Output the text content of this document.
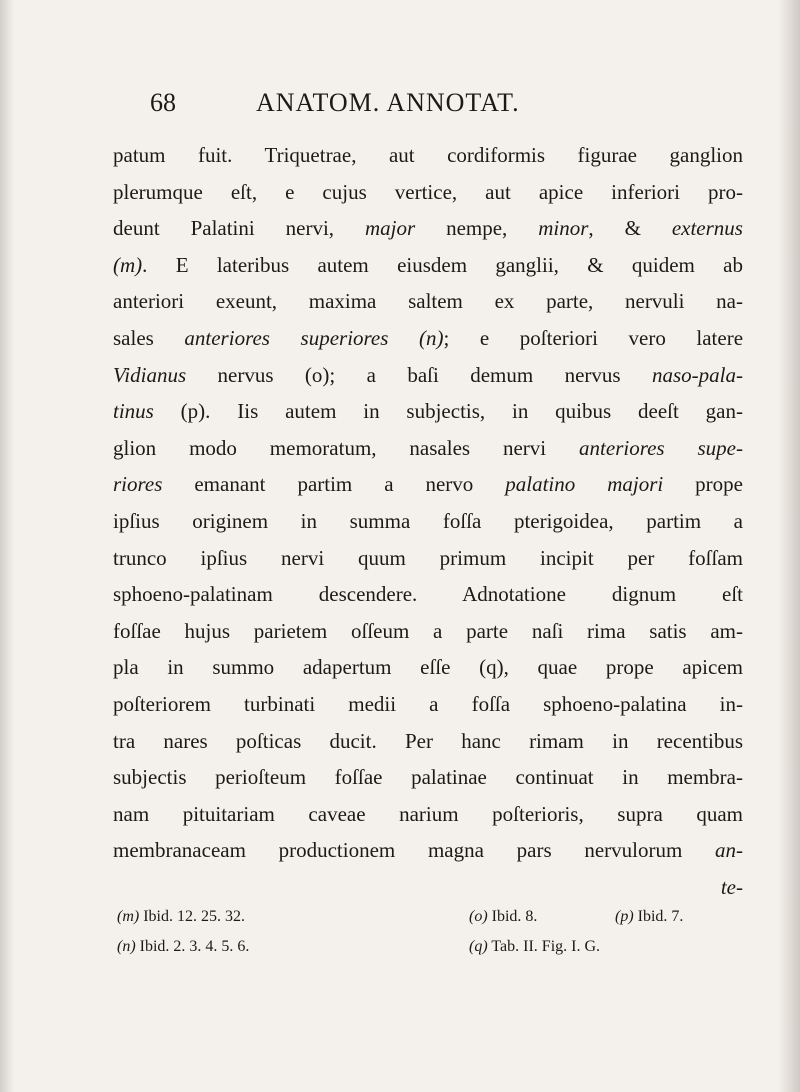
68	ANATOM. ANNOTAT.
patum fuit. Triquetrae, aut cordiformis figurae ganglion
plerumque eſt, e cujus vertice, aut apice inferiori pro-
deunt Palatini nervi, major nempe, minor, & externus
(m). E lateribus autem eiusdem ganglii, & quidem ab
anteriori exeunt, maxima saltem ex parte, nervuli na-
sales anteriores superiores (n); e poſteriori vero latere
Vidianus nervus (o); a baſi demum nervus naso-pala-
tinus (p). Iis autem in subjectis, in quibus deeſt gan-
glion modo memoratum, nasales nervi anteriores supe-
riores emanant partim a nervo palatino majori prope
ipſius originem in summa foſſa pterigoidea, partim a
trunco ipſius nervi quum primum incipit per foſſam
sphoeno-palatinam descendere. Adnotatione dignum eſt
foſſae hujus parietem oſſeum a parte naſi rima satis am-
pla in summo adapertum eſſe (q), quae prope apicem
poſteriorem turbinati medii a foſſa sphoeno-palatina in-
tra nares poſticas ducit. Per hanc rimam in recentibus
subjectis perioſteum foſſae palatinae continuat in membra-
nam pituitariam caveae narium poſterioris, supra quam
membranaceam productionem magna pars nervulorum an-
te-
(m) Ibid. 12. 25. 32.
(n) Ibid. 2. 3. 4. 5. 6.
(o) Ibid. 8.	(p) Ibid. 7.
(q) Tab. II. Fig. I. G.
